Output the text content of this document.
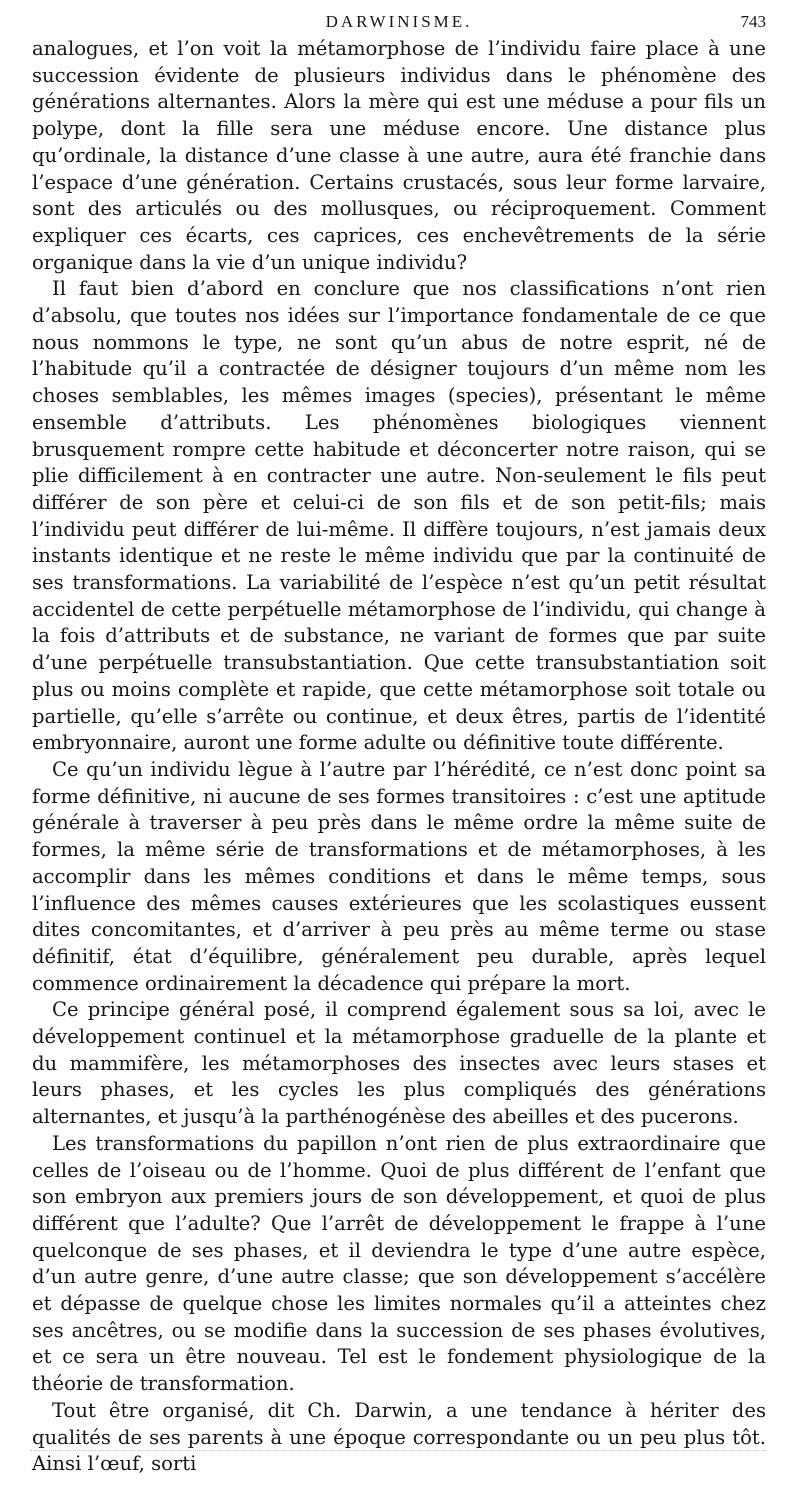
DARWINISME.	743

analogues, et l’on voit la métamorphose de l’individu faire place à une succession évidente de plusieurs individus dans le phénomène des générations alternantes. Alors la mère qui est une méduse a pour fils un polype, dont la fille sera une méduse encore. Une distance plus qu’ordinale, la distance d’une classe à une autre, aura été franchie dans l’espace d’une génération. Certains crustacés, sous leur forme larvaire, sont des articulés ou des mollusques, ou réciproquement. Comment expliquer ces écarts, ces caprices, ces enchevêtrements de la série organique dans la vie d’un unique individu?

Il faut bien d’abord en conclure que nos classifications n’ont rien d’absolu, que toutes nos idées sur l’importance fondamentale de ce que nous nommons le type, ne sont qu’un abus de notre esprit, né de l’habitude qu’il a contractée de désigner toujours d’un même nom les choses semblables, les mêmes images (species), présentant le même ensemble d’attributs. Les phénomènes biologiques viennent brusquement rompre cette habitude et déconcerter notre raison, qui se plie difficilement à en contracter une autre. Non-seulement le fils peut différer de son père et celui-ci de son fils et de son petit-fils; mais l’individu peut différer de lui-même. Il diffère toujours, n’est jamais deux instants identique et ne reste le même individu que par la continuité de ses transformations. La variabilité de l’espèce n’est qu’un petit résultat accidentel de cette perpétuelle métamorphose de l’individu, qui change à la fois d’attributs et de substance, ne variant de formes que par suite d’une perpétuelle transubstantiation. Que cette transubstantiation soit plus ou moins complète et rapide, que cette métamorphose soit totale ou partielle, qu’elle s’arrête ou continue, et deux êtres, partis de l’identité embryonnaire, auront une forme adulte ou définitive toute différente.

Ce qu’un individu lègue à l’autre par l’hérédité, ce n’est donc point sa forme définitive, ni aucune de ses formes transitoires : c’est une aptitude générale à traverser à peu près dans le même ordre la même suite de formes, la même série de transformations et de métamorphoses, à les accomplir dans les mêmes conditions et dans le même temps, sous l’influence des mêmes causes extérieures que les scolastiques eussent dites concomitantes, et d’arriver à peu près au même terme ou stase définitif, état d’équilibre, généralement peu durable, après lequel commence ordinairement la décadence qui prépare la mort.

Ce principe général posé, il comprend également sous sa loi, avec le développement continuel et la métamorphose graduelle de la plante et du mammifère, les métamorphoses des insectes avec leurs stases et leurs phases, et les cycles les plus compliqués des générations alternantes, et jusqu’à la parthénogénèse des abeilles et des pucerons.

Les transformations du papillon n’ont rien de plus extraordinaire que celles de l’oiseau ou de l’homme. Quoi de plus différent de l’enfant que son embryon aux premiers jours de son développement, et quoi de plus différent que l’adulte? Que l’arrêt de développement le frappe à l’une quelconque de ses phases, et il deviendra le type d’une autre espèce, d’un autre genre, d’une autre classe; que son développement s’accélère et dépasse de quelque chose les limites normales qu’il a atteintes chez ses ancêtres, ou se modifie dans la succession de ses phases évolutives, et ce sera un être nouveau. Tel est le fondement physiologique de la théorie de transformation.

Tout être organisé, dit Ch. Darwin, a une tendance à hériter des qualités de ses parents à une époque correspondante ou un peu plus tôt. Ainsi l’œuf, sorti
